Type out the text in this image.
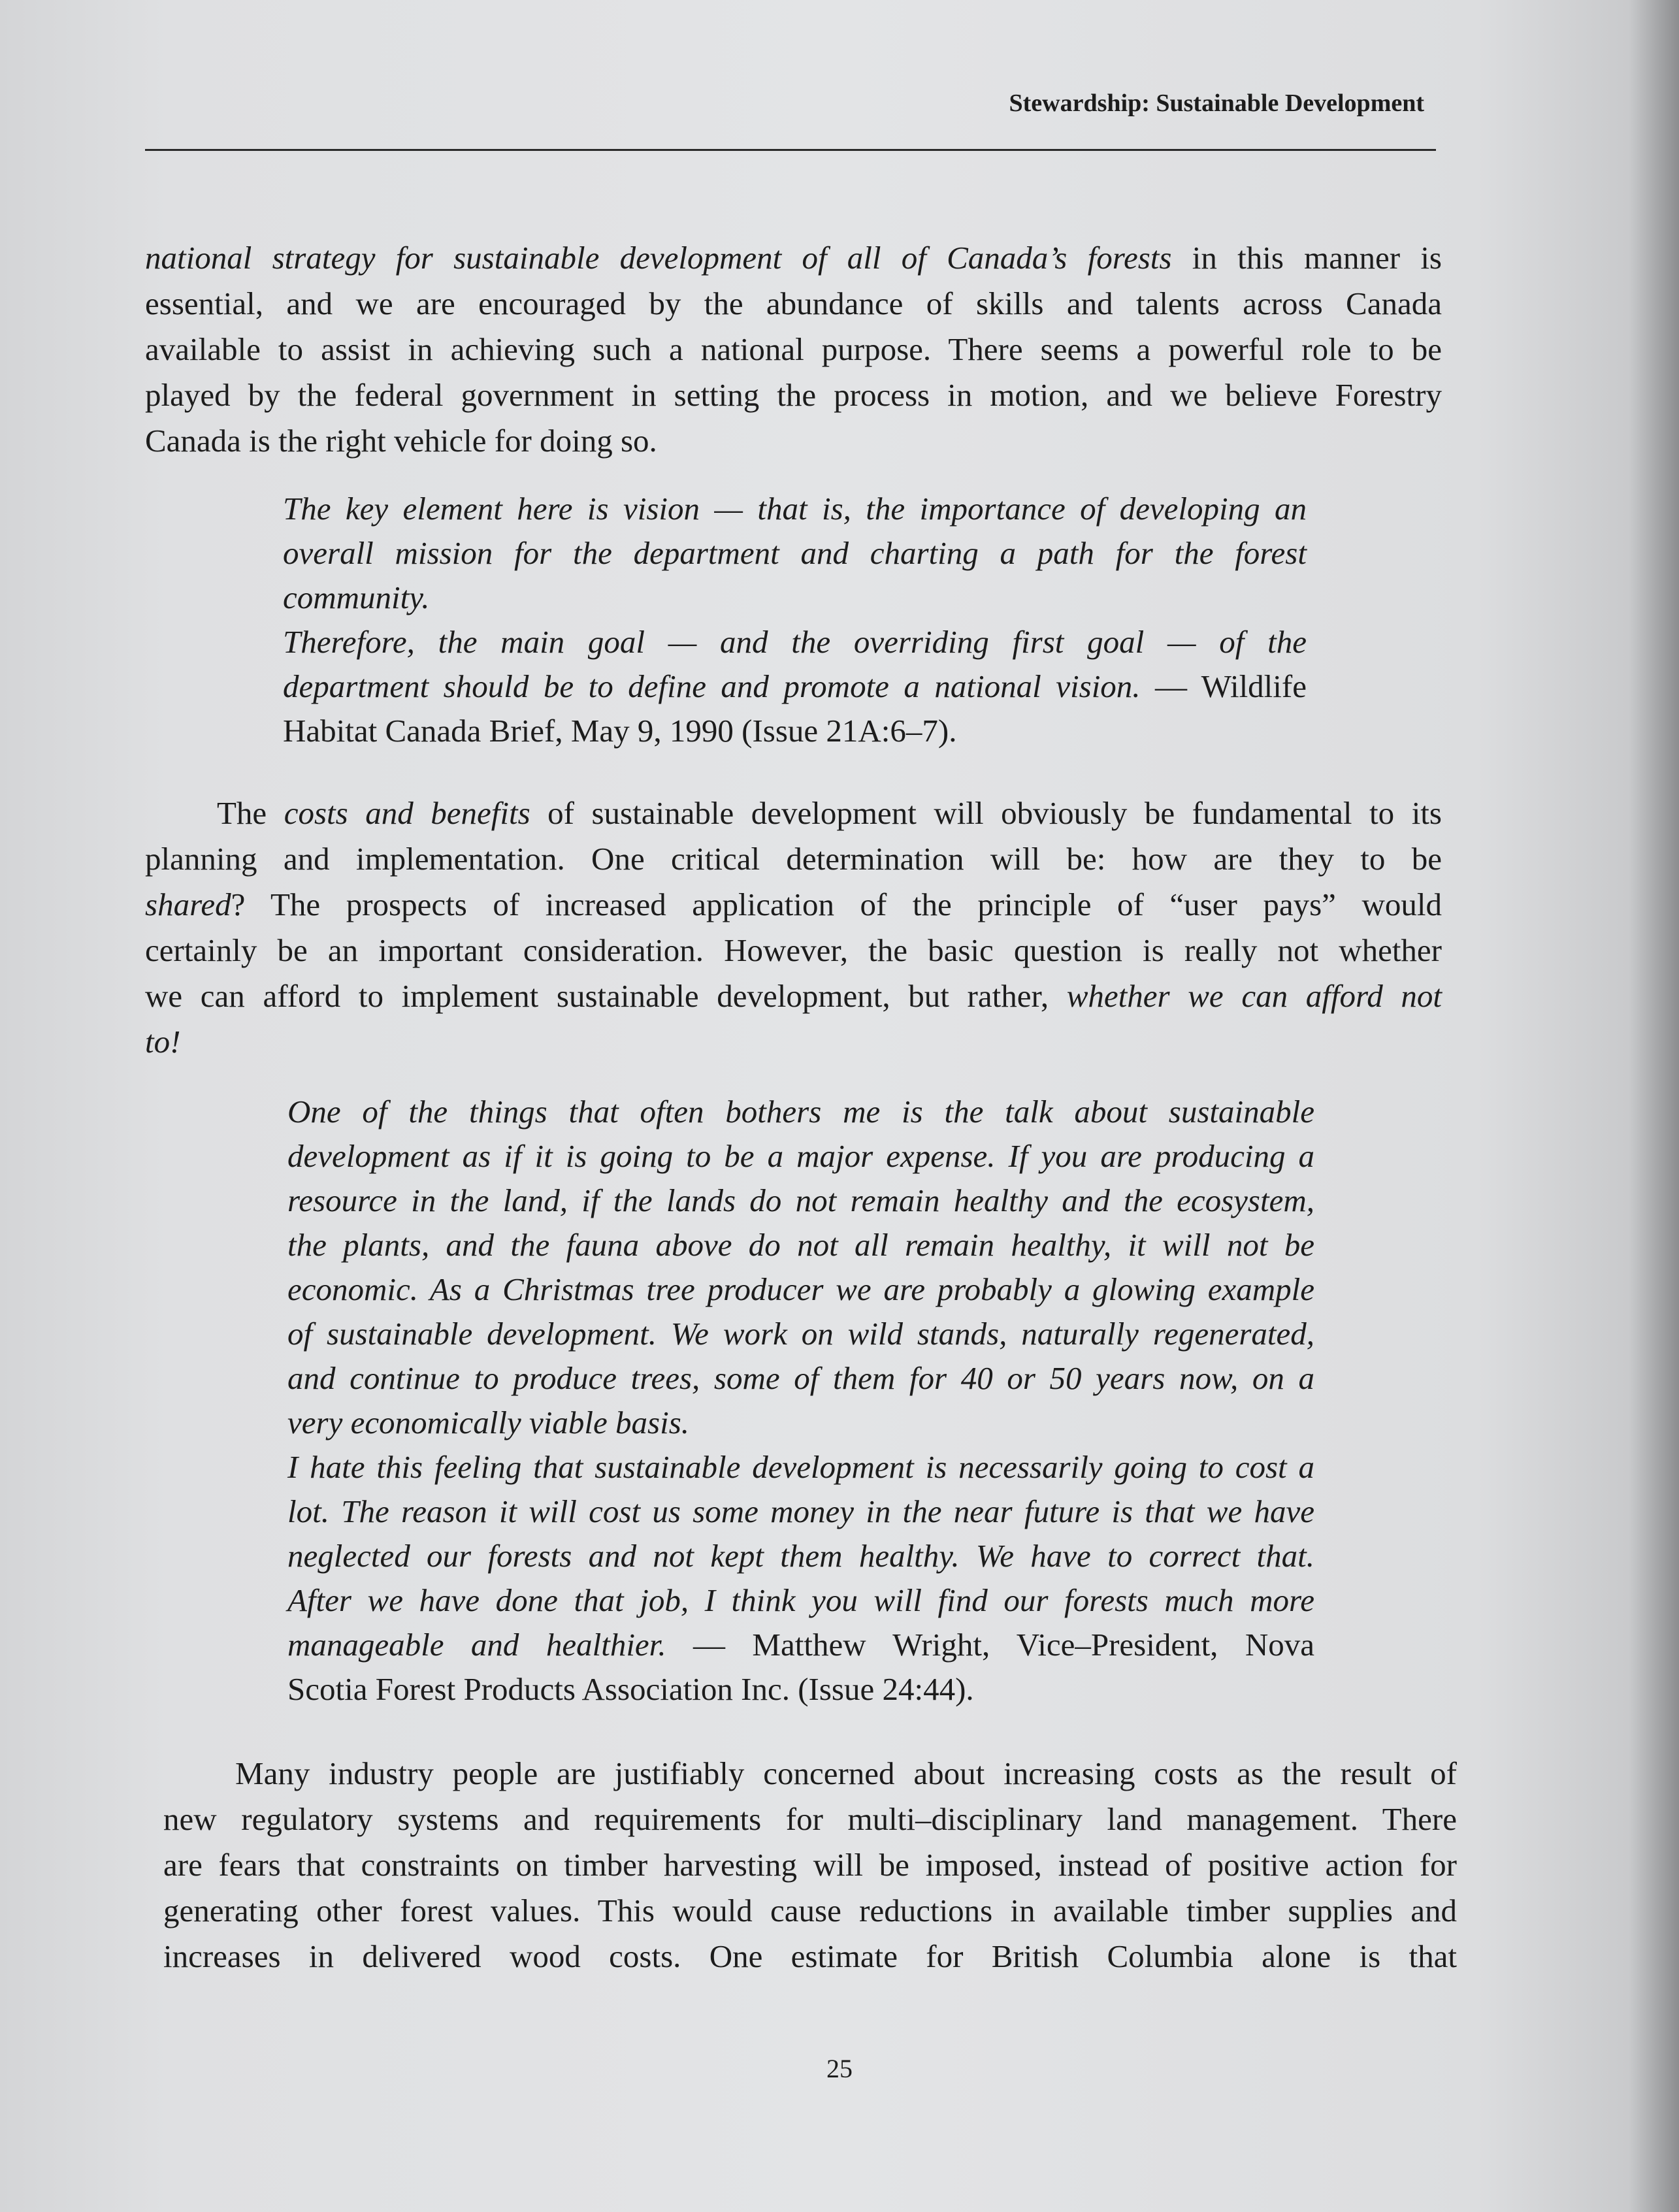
Stewardship: Sustainable Development
national strategy for sustainable development of all of Canada’s forests in this manner is
essential, and we are encouraged by the abundance of skills and talents across Canada
available to assist in achieving such a national purpose. There seems a powerful role to be
played by the federal government in setting the process in motion, and we believe Forestry
Canada is the right vehicle for doing so.
The key element here is vision — that is, the importance of developing an
overall mission for the department and charting a path for the forest
community.
Therefore, the main goal — and the overriding first goal — of the
department should be to define and promote a national vision. — Wildlife
Habitat Canada Brief, May 9, 1990 (Issue 21A:6–7).
The costs and benefits of sustainable development will obviously be fundamental to its
planning and implementation. One critical determination will be: how are they to be
shared? The prospects of increased application of the principle of “user pays” would
certainly be an important consideration. However, the basic question is really not whether
we can afford to implement sustainable development, but rather, whether we can afford not
to!
One of the things that often bothers me is the talk about sustainable
development as if it is going to be a major expense. If you are producing a
resource in the land, if the lands do not remain healthy and the ecosystem,
the plants, and the fauna above do not all remain healthy, it will not be
economic. As a Christmas tree producer we are probably a glowing example
of sustainable development. We work on wild stands, naturally regenerated,
and continue to produce trees, some of them for 40 or 50 years now, on a
very economically viable basis.
I hate this feeling that sustainable development is necessarily going to cost a
lot. The reason it will cost us some money in the near future is that we have
neglected our forests and not kept them healthy. We have to correct that.
After we have done that job, I think you will find our forests much more
manageable and healthier. — Matthew Wright, Vice–President, Nova
Scotia Forest Products Association Inc. (Issue 24:44).
Many industry people are justifiably concerned about increasing costs as the result of
new regulatory systems and requirements for multi–disciplinary land management. There
are fears that constraints on timber harvesting will be imposed, instead of positive action for
generating other forest values. This would cause reductions in available timber supplies and
increases in delivered wood costs. One estimate for British Columbia alone is that
25
